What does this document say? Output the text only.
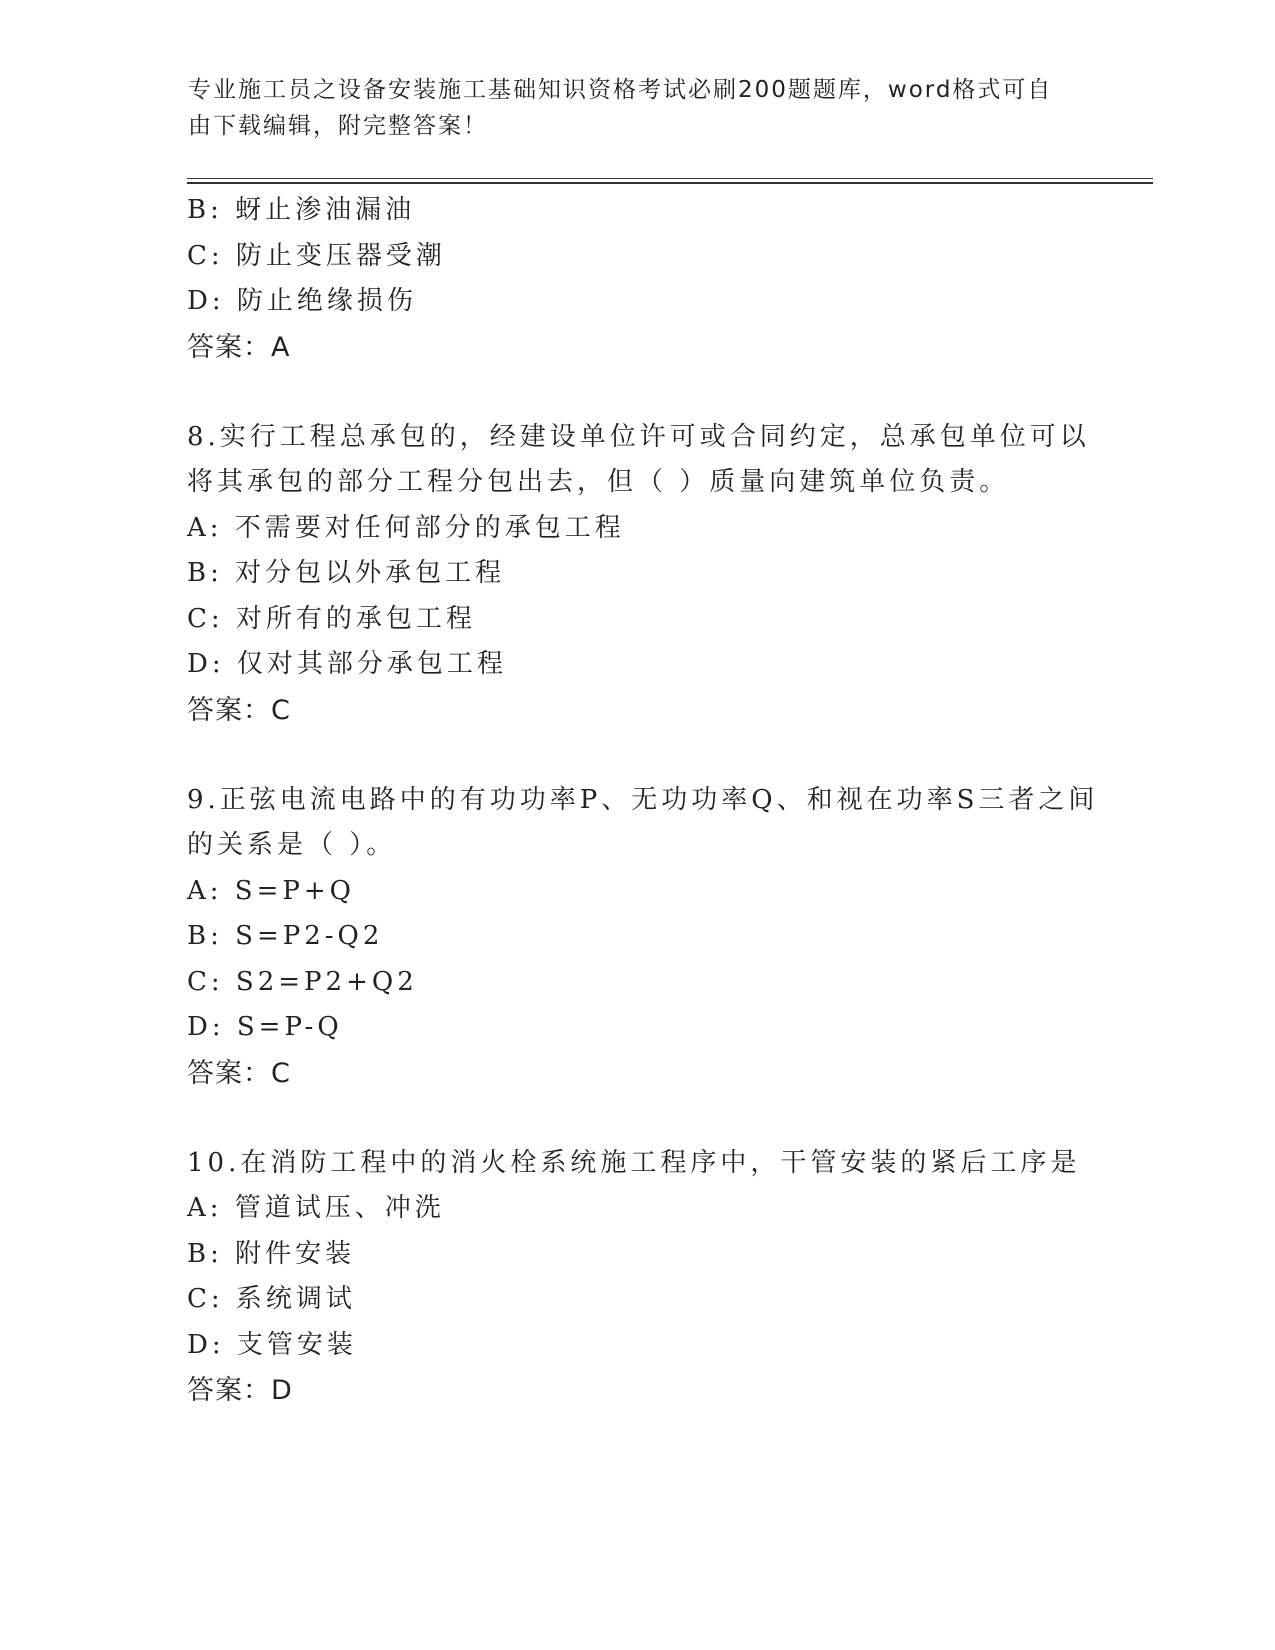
专业施工员之设备安装施工基础知识资格考试必刷200题题库，word格式可自由下载编辑，附完整答案！
B: 蚜止渗油漏油
C: 防止变压器受潮
D: 防止绝缘损伤
答案：A
8.实行工程总承包的，经建设单位许可或合同约定，总承包单位可以
将其承包的部分工程分包出去，但（ ）质量向建筑单位负责。
A: 不需要对任何部分的承包工程
B: 对分包以外承包工程
C: 对所有的承包工程
D: 仅对其部分承包工程
答案：C
9.正弦电流电路中的有功功率P、无功功率Q、和视在功率S三者之间
的关系是（ ）。
A: S=P+Q
B: S=P2-Q2
C: S2=P2+Q2
D: S=P-Q
答案：C
10.在消防工程中的消火栓系统施工程序中，干管安装的紧后工序是
A: 管道试压、冲洗
B: 附件安装
C: 系统调试
D: 支管安装
答案：D
